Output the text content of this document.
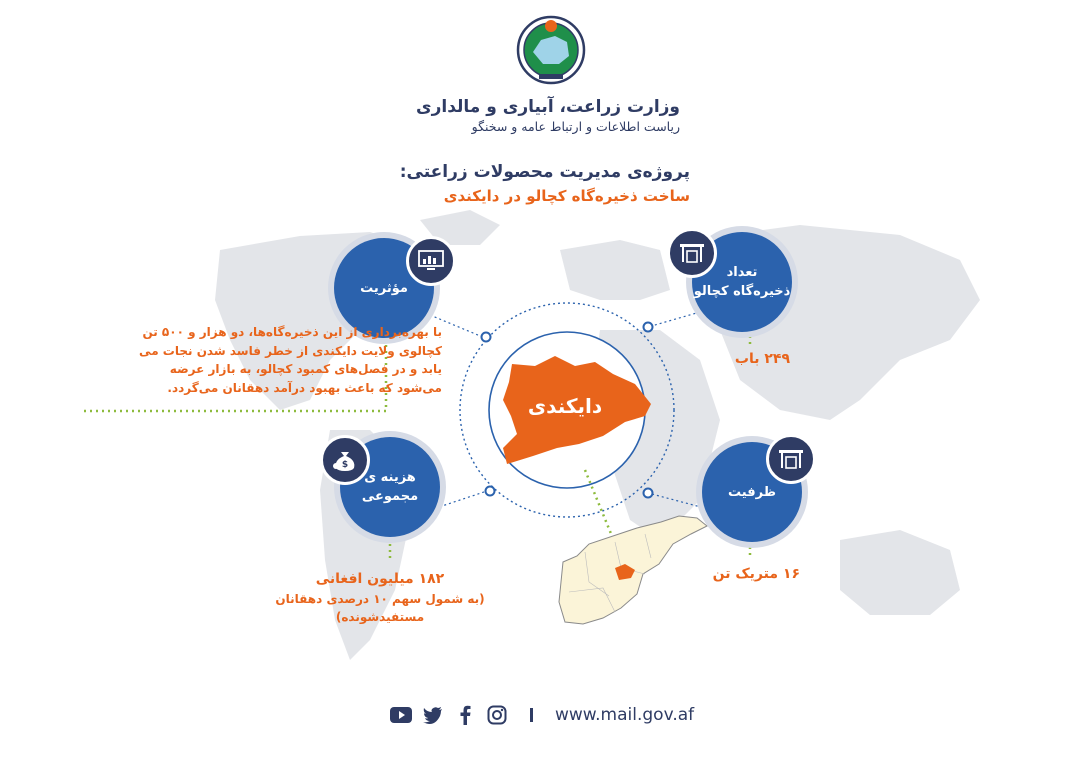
وزارت زراعت، آبیاری و مالداری
ریاست اطلاعات و ارتباط عامه و سخنگو
پروژه‌ی مدیریت محصولات زراعتی:
ساخت ذخیره‌گاه کچالو در دایکندی
دایکندی
مؤثریت
با بهره‌برداری از این ذخیره‌گاه‌ها، دو هزار و ۵۰۰ تن کچالوی ولایت دایکندی از خطر فاسد شدن نجات می یابد و در فصل‌های کمبود کچالو، به بازار عرضه می‌شود که باعث بهبود درآمد دهقانان می‌گردد.
تعداد
ذخیره‌گاه کچالو
۲۴۹ باب
هزینه ی
مجموعی
$
۱۸۲ میلیون افغانی
(به شمول سهم ۱۰ درصدی دهقانان مستفیدشونده)
ظرفیت
۱۶ متریک تن
www.mail.gov.af
